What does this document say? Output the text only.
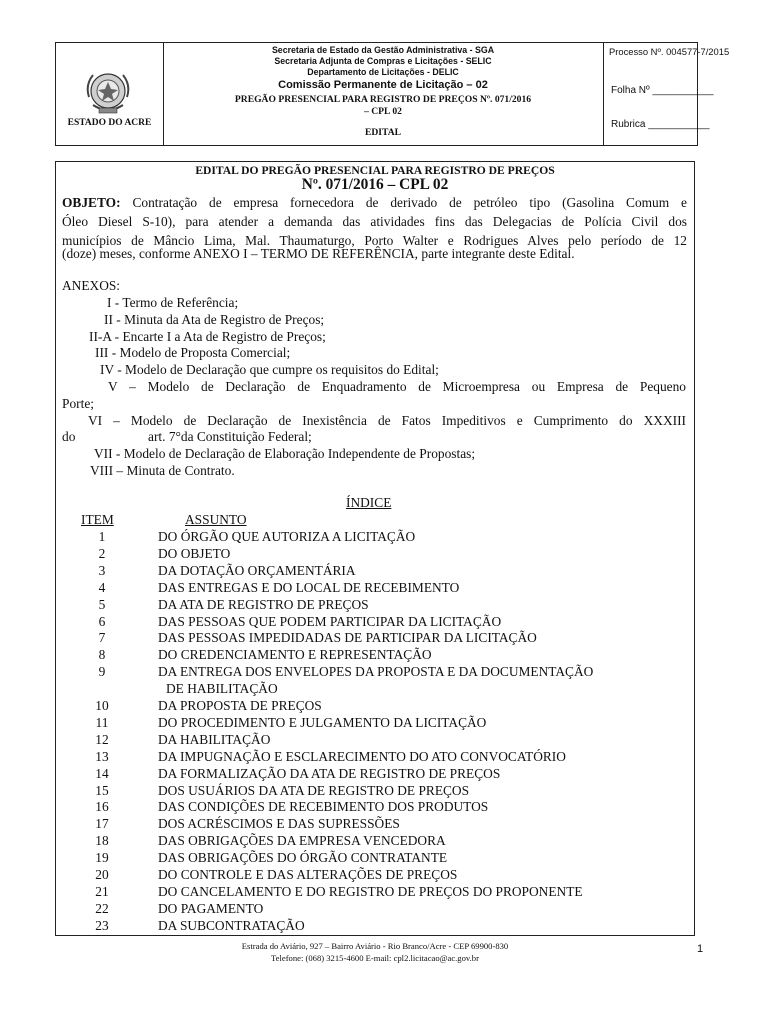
ESTADO DO ACRE
Secretaria de Estado da Gestão Administrativa - SGA
Secretaria Adjunta de Compras e Licitações - SELIC
Departamento de Licitações - DELIC
Comissão Permanente de Licitação – 02
PREGÃO PRESENCIAL PARA REGISTRO DE PREÇOS Nº. 071/2016
– CPL 02
EDITAL
Processo Nº. 004577-7/2015
Folha Nº ___________
Rubrica ___________
EDITAL DO PREGÃO PRESENCIAL PARA REGISTRO DE PREÇOS
Nº. 071/2016 – CPL 02
OBJETO: Contratação de empresa fornecedora de derivado de petróleo tipo (Gasolina Comum e
Óleo Diesel S-10), para atender a demanda das atividades fins das Delegacias de Polícia Civil dos
municípios de Mâncio Lima, Mal. Thaumaturgo, Porto Walter e Rodrigues Alves pelo período de 12
(doze) meses, conforme ANEXO I – TERMO DE REFERÊNCIA, parte integrante deste Edital.
ANEXOS:
I - Termo de Referência;
II - Minuta da Ata de Registro de Preços;
II-A - Encarte I a Ata de Registro de Preços;
III - Modelo de Proposta Comercial;
IV - Modelo de Declaração que cumpre os requisitos do Edital;
V – Modelo de Declaração de Enquadramento de Microempresa ou Empresa de Pequeno
Porte;
VI – Modelo de Declaração de Inexistência de Fatos Impeditivos e Cumprimento do XXXIII
do	art. 7°da Constituição Federal;
VII - Modelo de Declaração de Elaboração Independente de Propostas;
VIII – Minuta de Contrato.
ÍNDICE
ITEM	ASSUNTO
1	DO ÓRGÃO QUE AUTORIZA A LICITAÇÃO
2	DO OBJETO
3	DA DOTAÇÃO ORÇAMENTÁRIA
4	DAS ENTREGAS E DO LOCAL DE RECEBIMENTO
5	DA ATA DE REGISTRO DE PREÇOS
6	DAS PESSOAS QUE PODEM PARTICIPAR DA LICITAÇÃO
7	DAS PESSOAS IMPEDIDADAS DE PARTICIPAR DA LICITAÇÃO
8	DO CREDENCIAMENTO E REPRESENTAÇÃO
9	DA ENTREGA DOS ENVELOPES DA PROPOSTA E DA DOCUMENTAÇÃO
DE HABILITAÇÃO
10	DA PROPOSTA DE PREÇOS
11	DO PROCEDIMENTO E JULGAMENTO DA LICITAÇÃO
12	DA HABILITAÇÃO
13	DA IMPUGNAÇÃO E ESCLARECIMENTO DO ATO CONVOCATÓRIO
14	DA FORMALIZAÇÃO DA ATA DE REGISTRO DE PREÇOS
15	DOS USUÁRIOS DA ATA DE REGISTRO DE PREÇOS
16	DAS CONDIÇÕES DE RECEBIMENTO DOS PRODUTOS
17	DOS ACRÉSCIMOS E DAS SUPRESSÕES
18	DAS OBRIGAÇÕES DA EMPRESA VENCEDORA
19	DAS OBRIGAÇÕES DO ÓRGÃO CONTRATANTE
20	DO CONTROLE E DAS ALTERAÇÕES DE PREÇOS
21	DO CANCELAMENTO E DO REGISTRO DE PREÇOS DO PROPONENTE
22	DO PAGAMENTO
23	DA SUBCONTRATAÇÃO
Estrada do Aviário, 927 – Bairro Aviário - Rio Branco/Acre - CEP 69900-830
Telefone: (068) 3215-4600 E-mail: cpl2.licitacao@ac.gov.br
1
